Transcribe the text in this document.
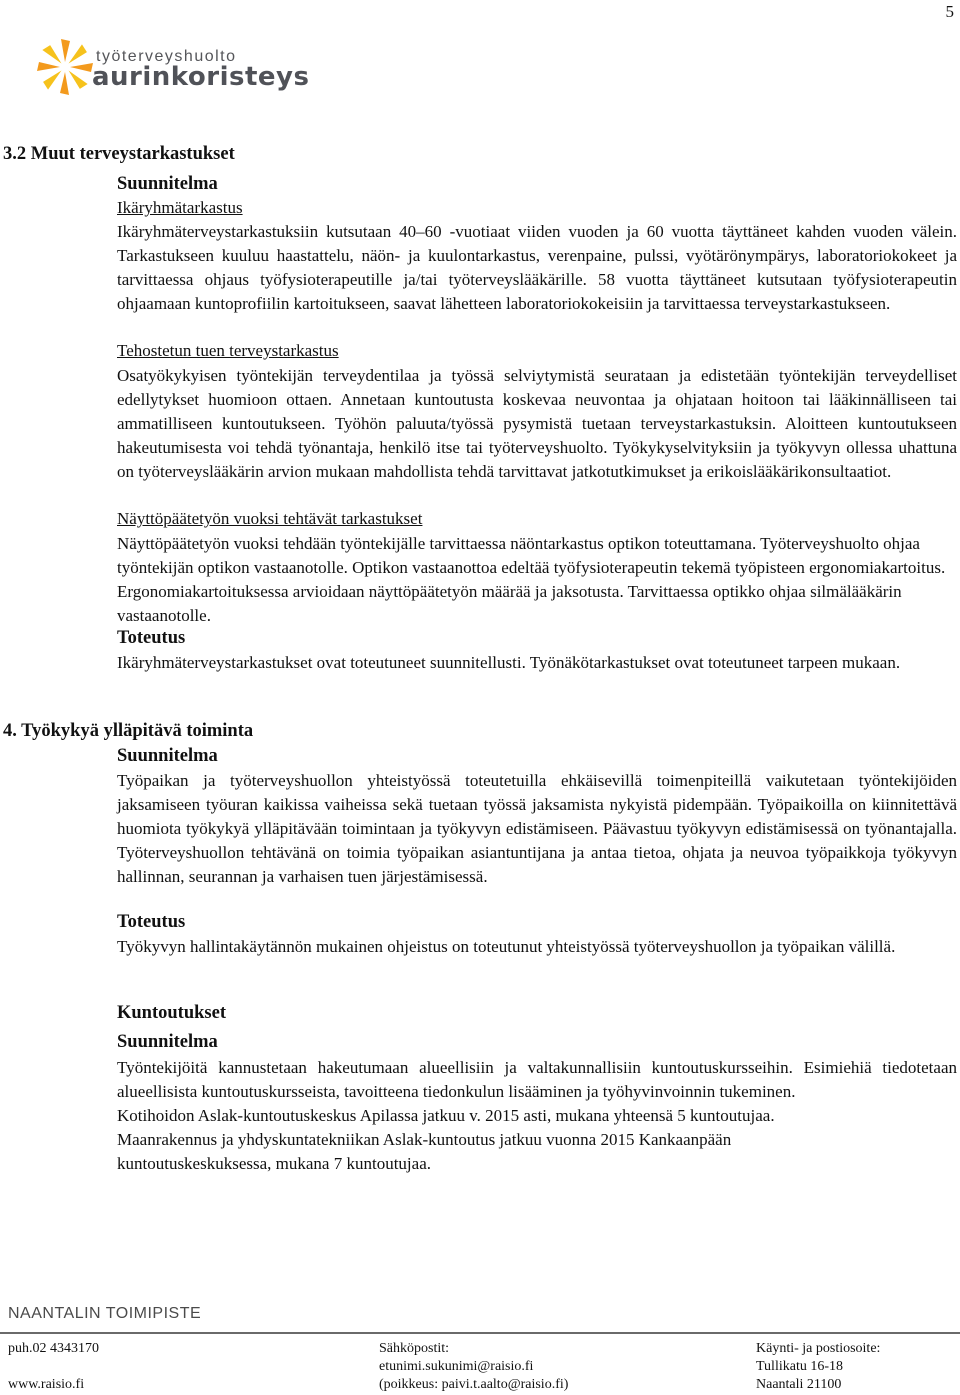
5
työterveyshuolto
aurinkoristeys
3.2 Muut terveystarkastukset
Suunnitelma
Ikäryhmätarkastus

Ikäryhmäterveystarkastuksiin kutsutaan 40–60 -vuotiaat viiden vuoden ja 60 vuotta täyttäneet kahden vuoden välein. Tarkastukseen kuuluu haastattelu, näön- ja kuulontarkastus, verenpaine, pulssi, vyötärönympärys, laboratoriokokeet ja tarvittaessa ohjaus työfysioterapeutille ja/tai työterveyslääkärille. 58 vuotta täyttäneet kutsutaan työfysioterapeutin ohjaamaan kuntoprofiilin kartoitukseen, saavat lähetteen laboratoriokokeisiin ja tarvittaessa terveystarkastukseen.

Tehostetun tuen terveystarkastus

Osatyökykyisen työntekijän terveydentilaa ja työssä selviytymistä seurataan ja edistetään työntekijän terveydelliset edellytykset huomioon ottaen. Annetaan kuntoutusta koskevaa neuvontaa ja ohjataan hoitoon tai lääkinnälliseen tai ammatilliseen kuntoutukseen. Työhön paluuta/työssä pysymistä tuetaan terveystarkastuksin. Aloitteen kuntoutukseen hakeutumisesta voi tehdä työnantaja, henkilö itse tai työterveyshuolto. Työkykyselvityksiin ja työkyvyn ollessa uhattuna on työterveyslääkärin arvion mukaan mahdollista tehdä tarvittavat jatkotutkimukset ja erikoislääkärikonsultaatiot.

Näyttöpäätetyön vuoksi tehtävät tarkastukset

Näyttöpäätetyön vuoksi tehdään työntekijälle tarvittaessa näöntarkastus optikon toteuttamana. Työterveyshuolto ohjaa työntekijän optikon vastaanotolle. Optikon vastaanottoa edeltää työfysioterapeutin tekemä työpisteen ergonomiakartoitus. Ergonomiakartoituksessa arvioidaan näyttöpäätetyön määrää ja jaksotusta. Tarvittaessa optikko ohjaa silmälääkärin vastaanotolle.

Toteutus

Ikäryhmäterveystarkastukset ovat toteutuneet suunnitellusti. Työnäkötarkastukset ovat toteutuneet tarpeen mukaan.

4. Työkykyä ylläpitävä toiminta
Suunnitelma

Työpaikan ja työterveyshuollon yhteistyössä toteutetuilla ehkäisevillä toimenpiteillä vaikutetaan työntekijöiden jaksamiseen työuran kaikissa vaiheissa sekä tuetaan työssä jaksamista nykyistä pidempään. Työpaikoilla on kiinnitettävä huomiota työkykyä ylläpitävään toimintaan ja työkyvyn edistämiseen. Päävastuu työkyvyn edistämisessä on työnantajalla. Työterveyshuollon tehtävänä on toimia työpaikan asiantuntijana ja antaa tietoa, ohjata ja neuvoa työpaikkoja työkyvyn hallinnan, seurannan ja varhaisen tuen järjestämisessä.

Toteutus

Työkyvyn hallintakäytännön mukainen ohjeistus on toteutunut yhteistyössä työterveyshuollon ja työpaikan välillä.

Kuntoutukset
Suunnitelma

Työntekijöitä kannustetaan hakeutumaan alueellisiin ja valtakunnallisiin kuntoutuskursseihin. Esimiehiä tiedotetaan alueellisista kuntoutuskursseista, tavoitteena tiedonkulun lisääminen ja työhyvinvoinnin tukeminen.

Kotihoidon Aslak-kuntoutuskeskus Apilassa jatkuu v. 2015 asti, mukana yhteensä 5 kuntoutujaa.

Maanrakennus ja yhdyskuntatekniikan Aslak-kuntoutus jatkuu vuonna 2015 Kankaanpään

kuntoutuskeskuksessa, mukana 7 kuntoutujaa.

NAANTALIN TOIMIPISTE
puh.02 4343170

www.raisio.fi
Sähköpostit:
etunimi.sukunimi@raisio.fi
(poikkeus: paivi.t.aalto@raisio.fi)
Käynti- ja postiosoite:
Tullikatu 16-18
Naantali 21100
